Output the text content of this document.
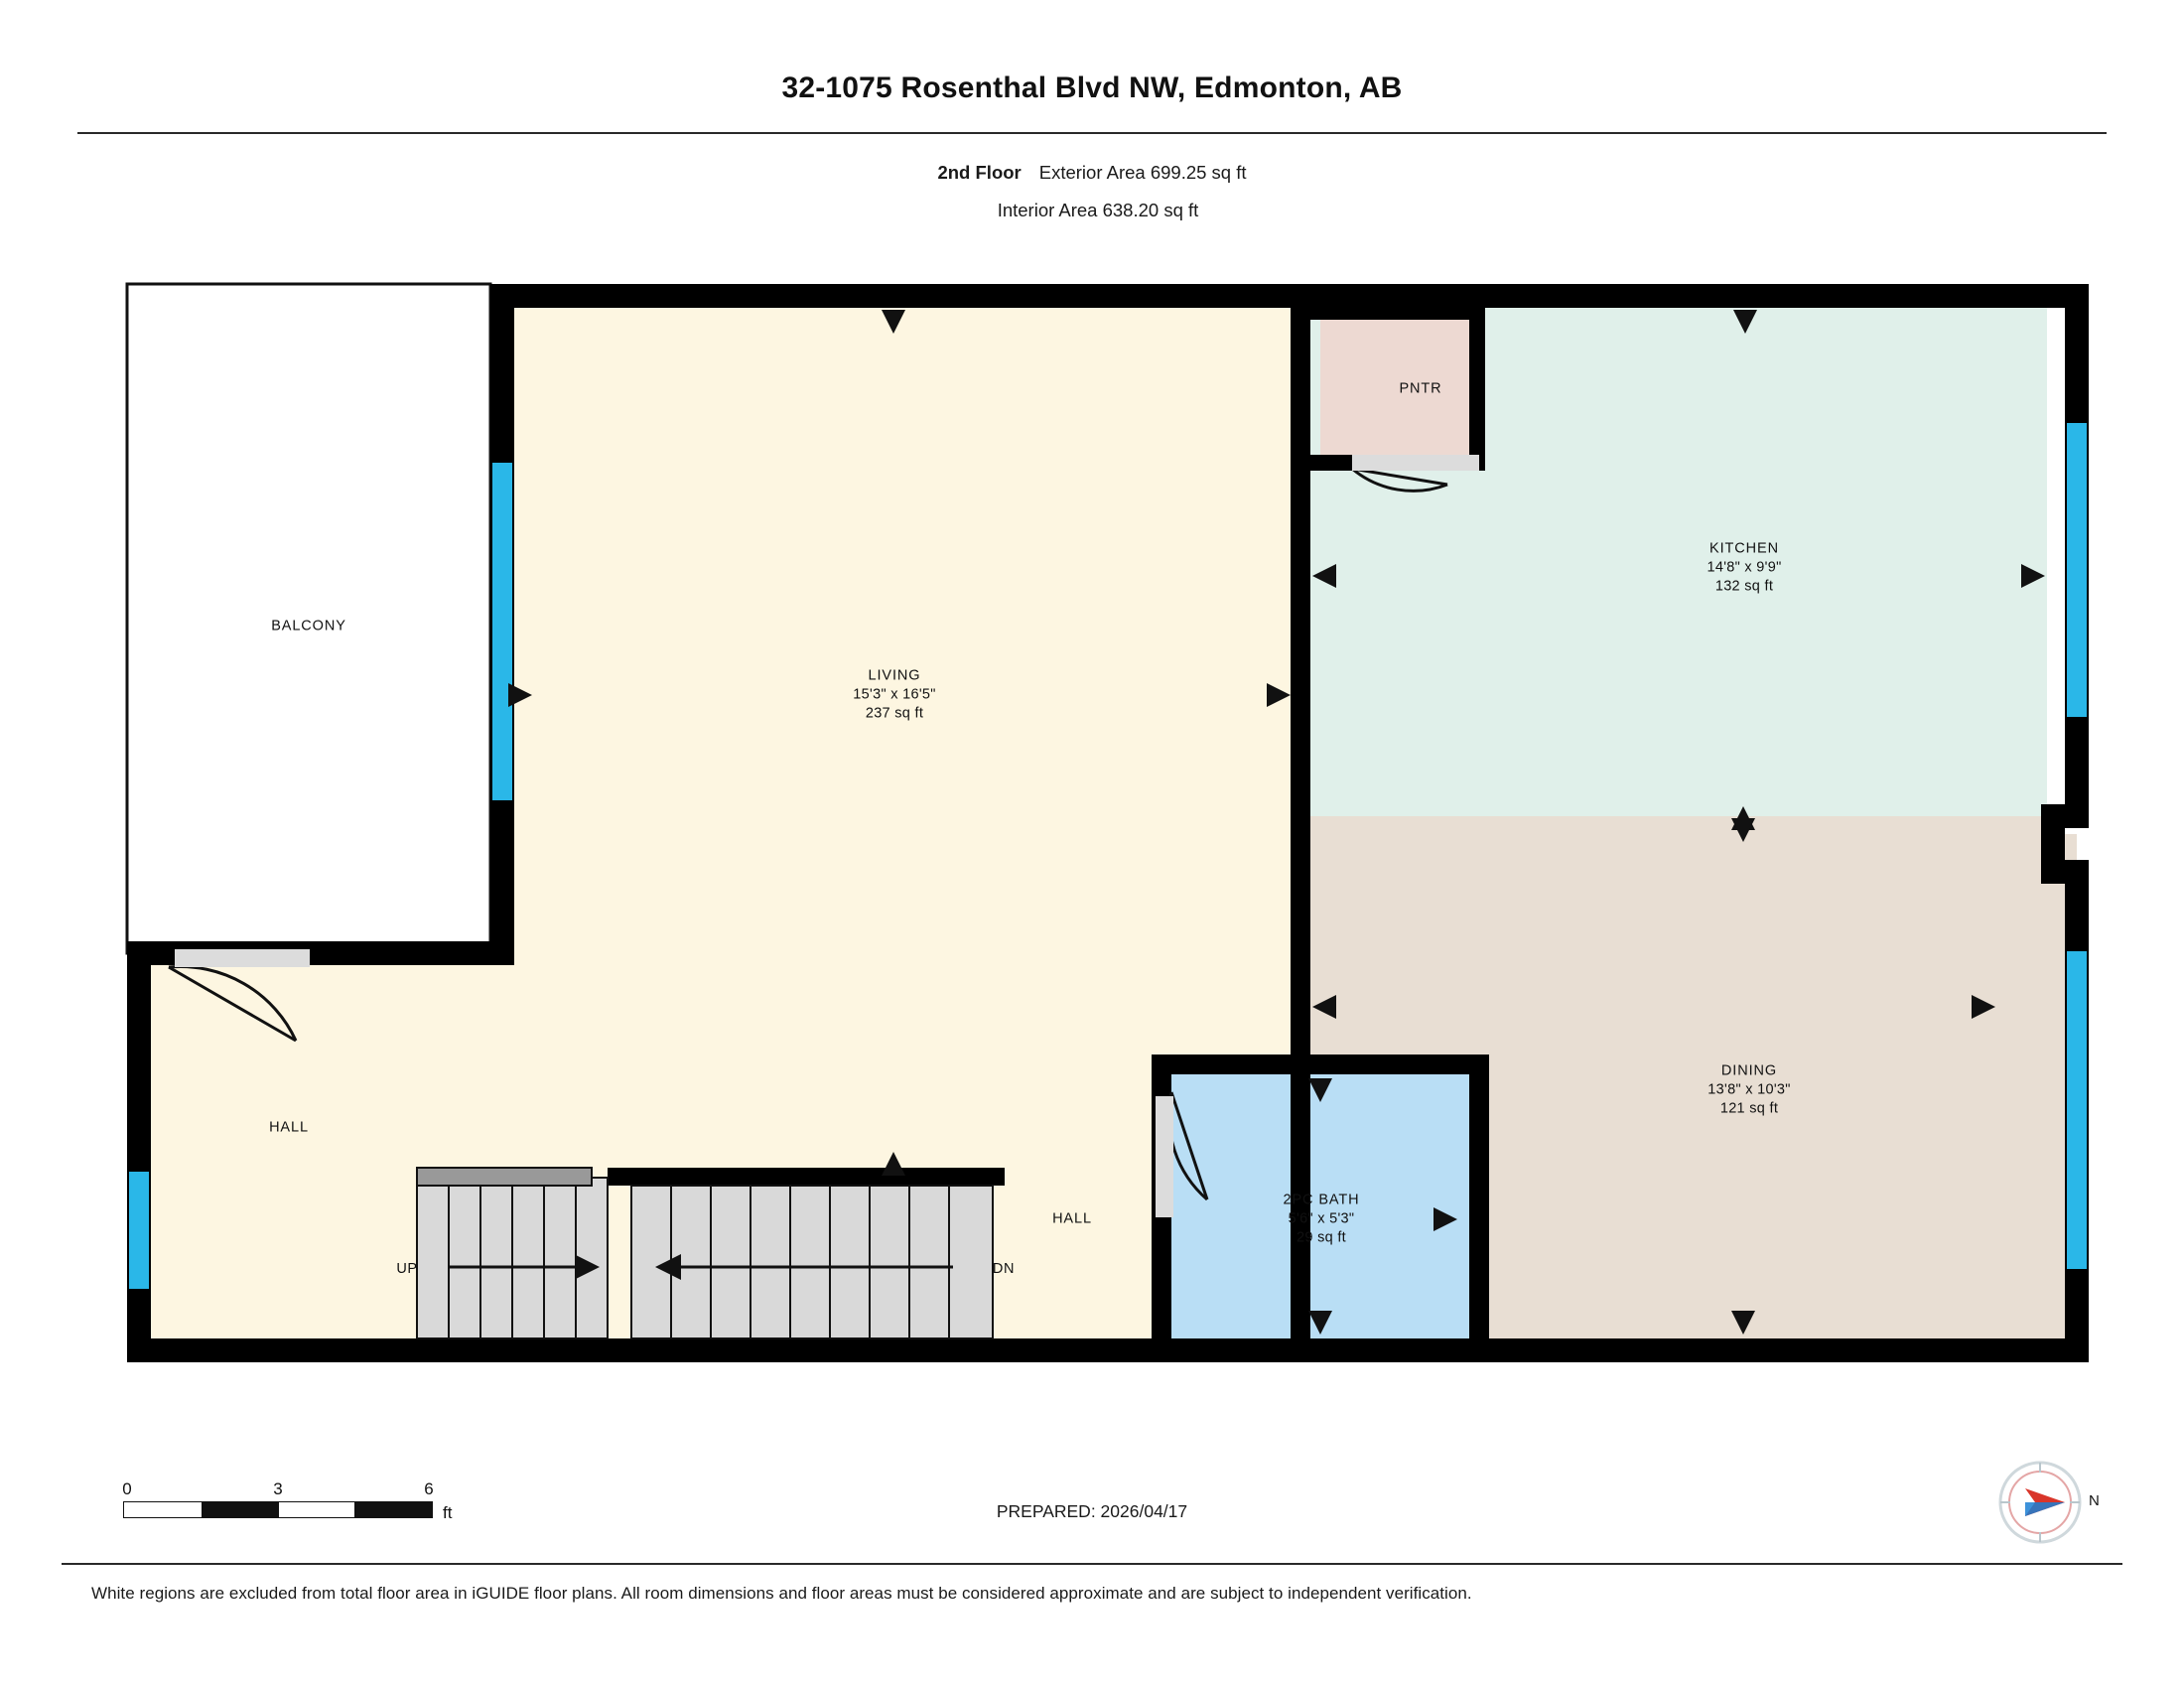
32-1075 Rosenthal Blvd NW, Edmonton, AB
2nd Floor Exterior Area 699.25 sq ft
Interior Area 638.20 sq ft
BALCONY
LIVING
15'3" x 16'5"
237 sq ft
PNTR
KITCHEN
14'8" x 9'9"
132 sq ft
DINING
13'8" x 10'3"
121 sq ft
2PC BATH
5'6" x 5'3"
29 sq ft
HALL
HALL
UP	DN
0	3	6
ft	PREPARED: 2026/04/17
N
White regions are excluded from total floor area in iGUIDE floor plans. All room dimensions and floor areas must be considered approximate and are subject to independent verification.
